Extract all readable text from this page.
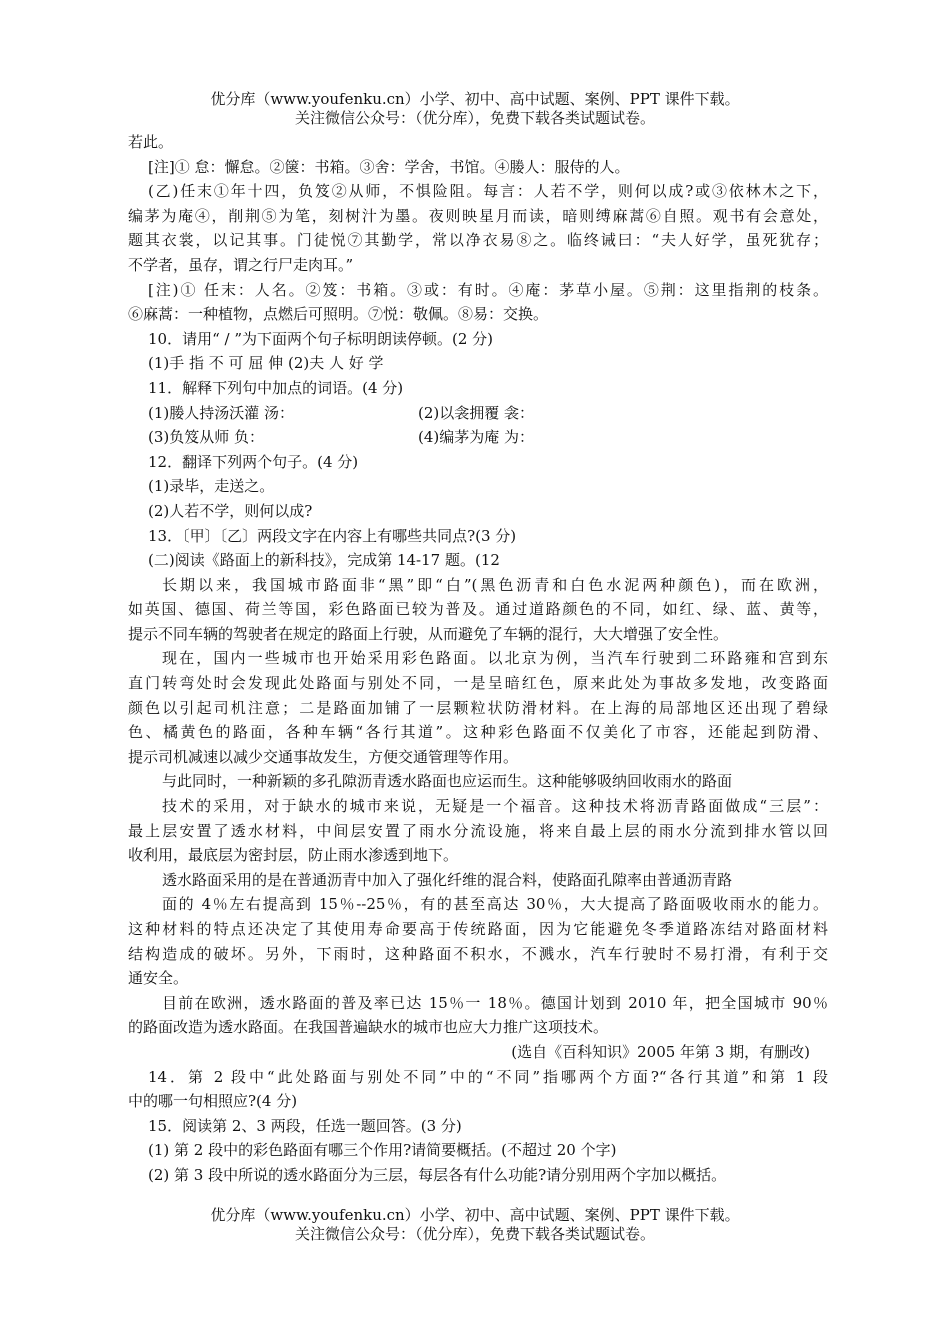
优分库（www.youfenku.cn）小学、初中、高中试题、案例、PPT 课件下载。
关注微信公众号：（优分库），免费下载各类试题试卷。

若此。

[注]① 怠：懈怠。②箧：书箱。③舍：学舍，书馆。④媵人：服侍的人。

(乙)任末①年十四，负笈②从师，不惧险阻。每言：人若不学，则何以成?或③依林木之下，

编茅为庵④，削荆⑤为笔，刻树汁为墨。夜则映星月而读，暗则缚麻蒿⑥自照。观书有会意处，

题其衣裳，以记其事。门徒悦⑦其勤学，常以净衣易⑧之。临终诫曰：“夫人好学，虽死犹存；

不学者，虽存，谓之行尸走肉耳。”

[注)① 任末：人名。②笈：书箱。③或：有时。④庵：茅草小屋。⑤荆：这里指荆的枝条。

⑥麻蒿：一种植物，点燃后可照明。⑦悦：敬佩。⑧易：交换。

10．请用“ / ”为下面两个句子标明朗读停顿。(2 分)

(1)手 指 不 可 屈 伸 (2)夫 人 好 学

11．解释下列句中加点的词语。(4 分)

(1)媵人持汤沃灌 汤：	(2)以衾拥覆 衾：

(3)负笈从师 负：	(4)编茅为庵 为：

12．翻译下列两个句子。(4 分)

(1)录毕，走送之。

(2)人若不学，则何以成?

13．〔甲〕〔乙〕两段文字在内容上有哪些共同点?(3 分)

(二)阅读《路面上的新科技》，完成第 14-17 题。(12

长期以来，我国城市路面非“黑”即“白”(黑色沥青和白色水泥两种颜色)，而在欧洲，

如英国、德国、荷兰等国，彩色路面已较为普及。通过道路颜色的不同，如红、绿、蓝、黄等，

提示不同车辆的驾驶者在规定的路面上行驶，从而避免了车辆的混行，大大增强了安全性。

现在，国内一些城市也开始采用彩色路面。以北京为例，当汽车行驶到二环路雍和宫到东

直门转弯处时会发现此处路面与别处不同，一是呈暗红色，原来此处为事故多发地，改变路面

颜色以引起司机注意；二是路面加铺了一层颗粒状防滑材料。在上海的局部地区还出现了碧绿

色、橘黄色的路面，各种车辆“各行其道”。这种彩色路面不仅美化了市容，还能起到防滑、

提示司机减速以减少交通事故发生，方便交通管理等作用。

与此同时，一种新颖的多孔隙沥青透水路面也应运而生。这种能够吸纳回收雨水的路面

技术的采用，对于缺水的城市来说，无疑是一个福音。这种技术将沥青路面做成“三层”：

最上层安置了透水材料，中间层安置了雨水分流设施，将来自最上层的雨水分流到排水管以回

收利用，最底层为密封层，防止雨水渗透到地下。

透水路面采用的是在普通沥青中加入了强化纤维的混合料，使路面孔隙率由普通沥青路

面的 4％左右提高到 15％--25％，有的甚至高达 30％，大大提高了路面吸收雨水的能力。

这种材料的特点还决定了其使用寿命要高于传统路面，因为它能避免冬季道路冻结对路面材料

结构造成的破坏。另外，下雨时，这种路面不积水，不溅水，汽车行驶时不易打滑，有利于交

通安全。

目前在欧洲，透水路面的普及率已达 15％一 18％。德国计划到 2010 年，把全国城市 90％

的路面改造为透水路面。在我国普遍缺水的城市也应大力推广这项技术。

(选自《百科知识》2005 年第 3 期，有删改)

14．第 2 段中“此处路面与别处不同”中的“不同”指哪两个方面?“各行其道”和第 1 段

中的哪一句相照应?(4 分)

15．阅读第 2、3 两段，任选一题回答。(3 分)

(1) 第 2 段中的彩色路面有哪三个作用?请简要概括。(不超过 20 个字)

(2) 第 3 段中所说的透水路面分为三层，每层各有什么功能?请分别用两个字加以概括。

优分库（www.youfenku.cn）小学、初中、高中试题、案例、PPT 课件下载。
关注微信公众号：（优分库），免费下载各类试题试卷。
